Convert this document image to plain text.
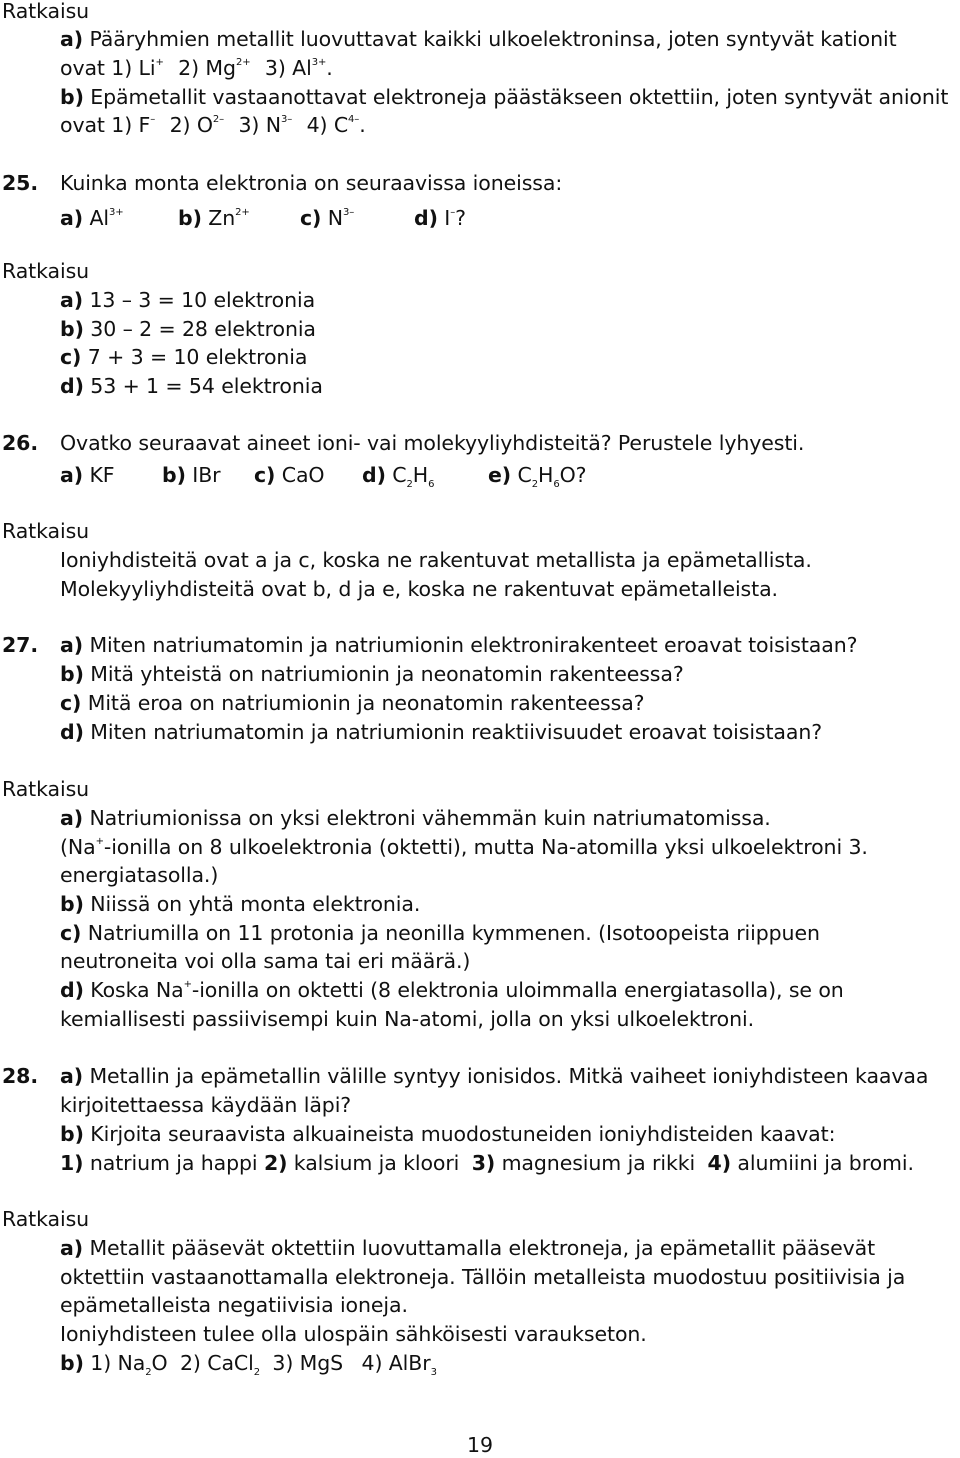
Ratkaisu
a) Pääryhmien metallit luovuttavat kaikki ulkoelektroninsa, joten syntyvät kationit
ovat 1) Li+ 2) $Mg^{2+}$ 3) $Al^{3+}$.
b) Epämetallit vastaanottavat elektroneja päästäkseen oktettiin, joten syntyvät anionit
ovat 1) F– 2) $O^{2-}$ 3) $N^{3-}$ 4) $C^{4-}$.
25. Kuinka monta elektronia on seuraavissa ioneissa:
a) $Al^{3+}$	b) $Zn^{2+}$ c) $N^{3-}$	d) I–?
Ratkaisu
a) 13 – 3 = 10 elektronia
b) 30 – 2 = 28 elektronia
c) 7 + 3 = 10 elektronia
d) 53 + 1 = 54 elektronia
26. Ovatko seuraavat aineet ioni- vai molekyyliyhdisteitä? Perustele lyhyesti.
a) KF b) IBr c) CaO d) $C_2H_6$	e) $C_2H_6O$?
Ratkaisu
Ioniyhdisteitä ovat a ja c, koska ne rakentuvat metallista ja epämetallista.
Molekyyliyhdisteitä ovat b, d ja e, koska ne rakentuvat epämetalleista.
27. a) Miten natriumatomin ja natriumionin elektronirakenteet eroavat toisistaan?
b) Mitä yhteistä on natriumionin ja neonatomin rakenteessa?
c) Mitä eroa on natriumionin ja neonatomin rakenteessa?
d) Miten natriumatomin ja natriumionin reaktiivisuudet eroavat toisistaan?
Ratkaisu
a) Natriumionissa on yksi elektroni vähemmän kuin natriumatomissa.
(Na+-ionilla on 8 ulkoelektronia (oktetti), mutta Na-atomilla yksi ulkoelektroni 3.
energiatasolla.)
b) Niissä on yhtä monta elektronia.
c) Natriumilla on 11 protonia ja neonilla kymmenen. (Isotoopeista riippuen
neutroneita voi olla sama tai eri määrä.)
d) Koska Na+-ionilla on oktetti (8 elektronia uloimmalla energiatasolla), se on
kemiallisesti passiivisempi kuin Na-atomi, jolla on yksi ulkoelektroni.
28. a) Metallin ja epämetallin välille syntyy ionisidos. Mitkä vaiheet ioniyhdisteen kaavaa
kirjoitettaessa käydään läpi?
b) Kirjoita seuraavista alkuaineista muodostuneiden ioniyhdisteiden kaavat:
1) natrium ja happi 2) kalsium ja kloori 3) magnesium ja rikki 4) alumiini ja bromi.
Ratkaisu
a) Metallit pääsevät oktettiin luovuttamalla elektroneja, ja epämetallit pääsevät
oktettiin vastaanottamalla elektroneja. Tällöin metalleista muodostuu positiivisia ja
epämetalleista negatiivisia ioneja.
Ioniyhdisteen tulee olla ulospäin sähköisesti varaukseton.
b) 1) $Na_2O$ 2) CaCl$_2$ 3) MgS 4) AlBr$_3$
19
